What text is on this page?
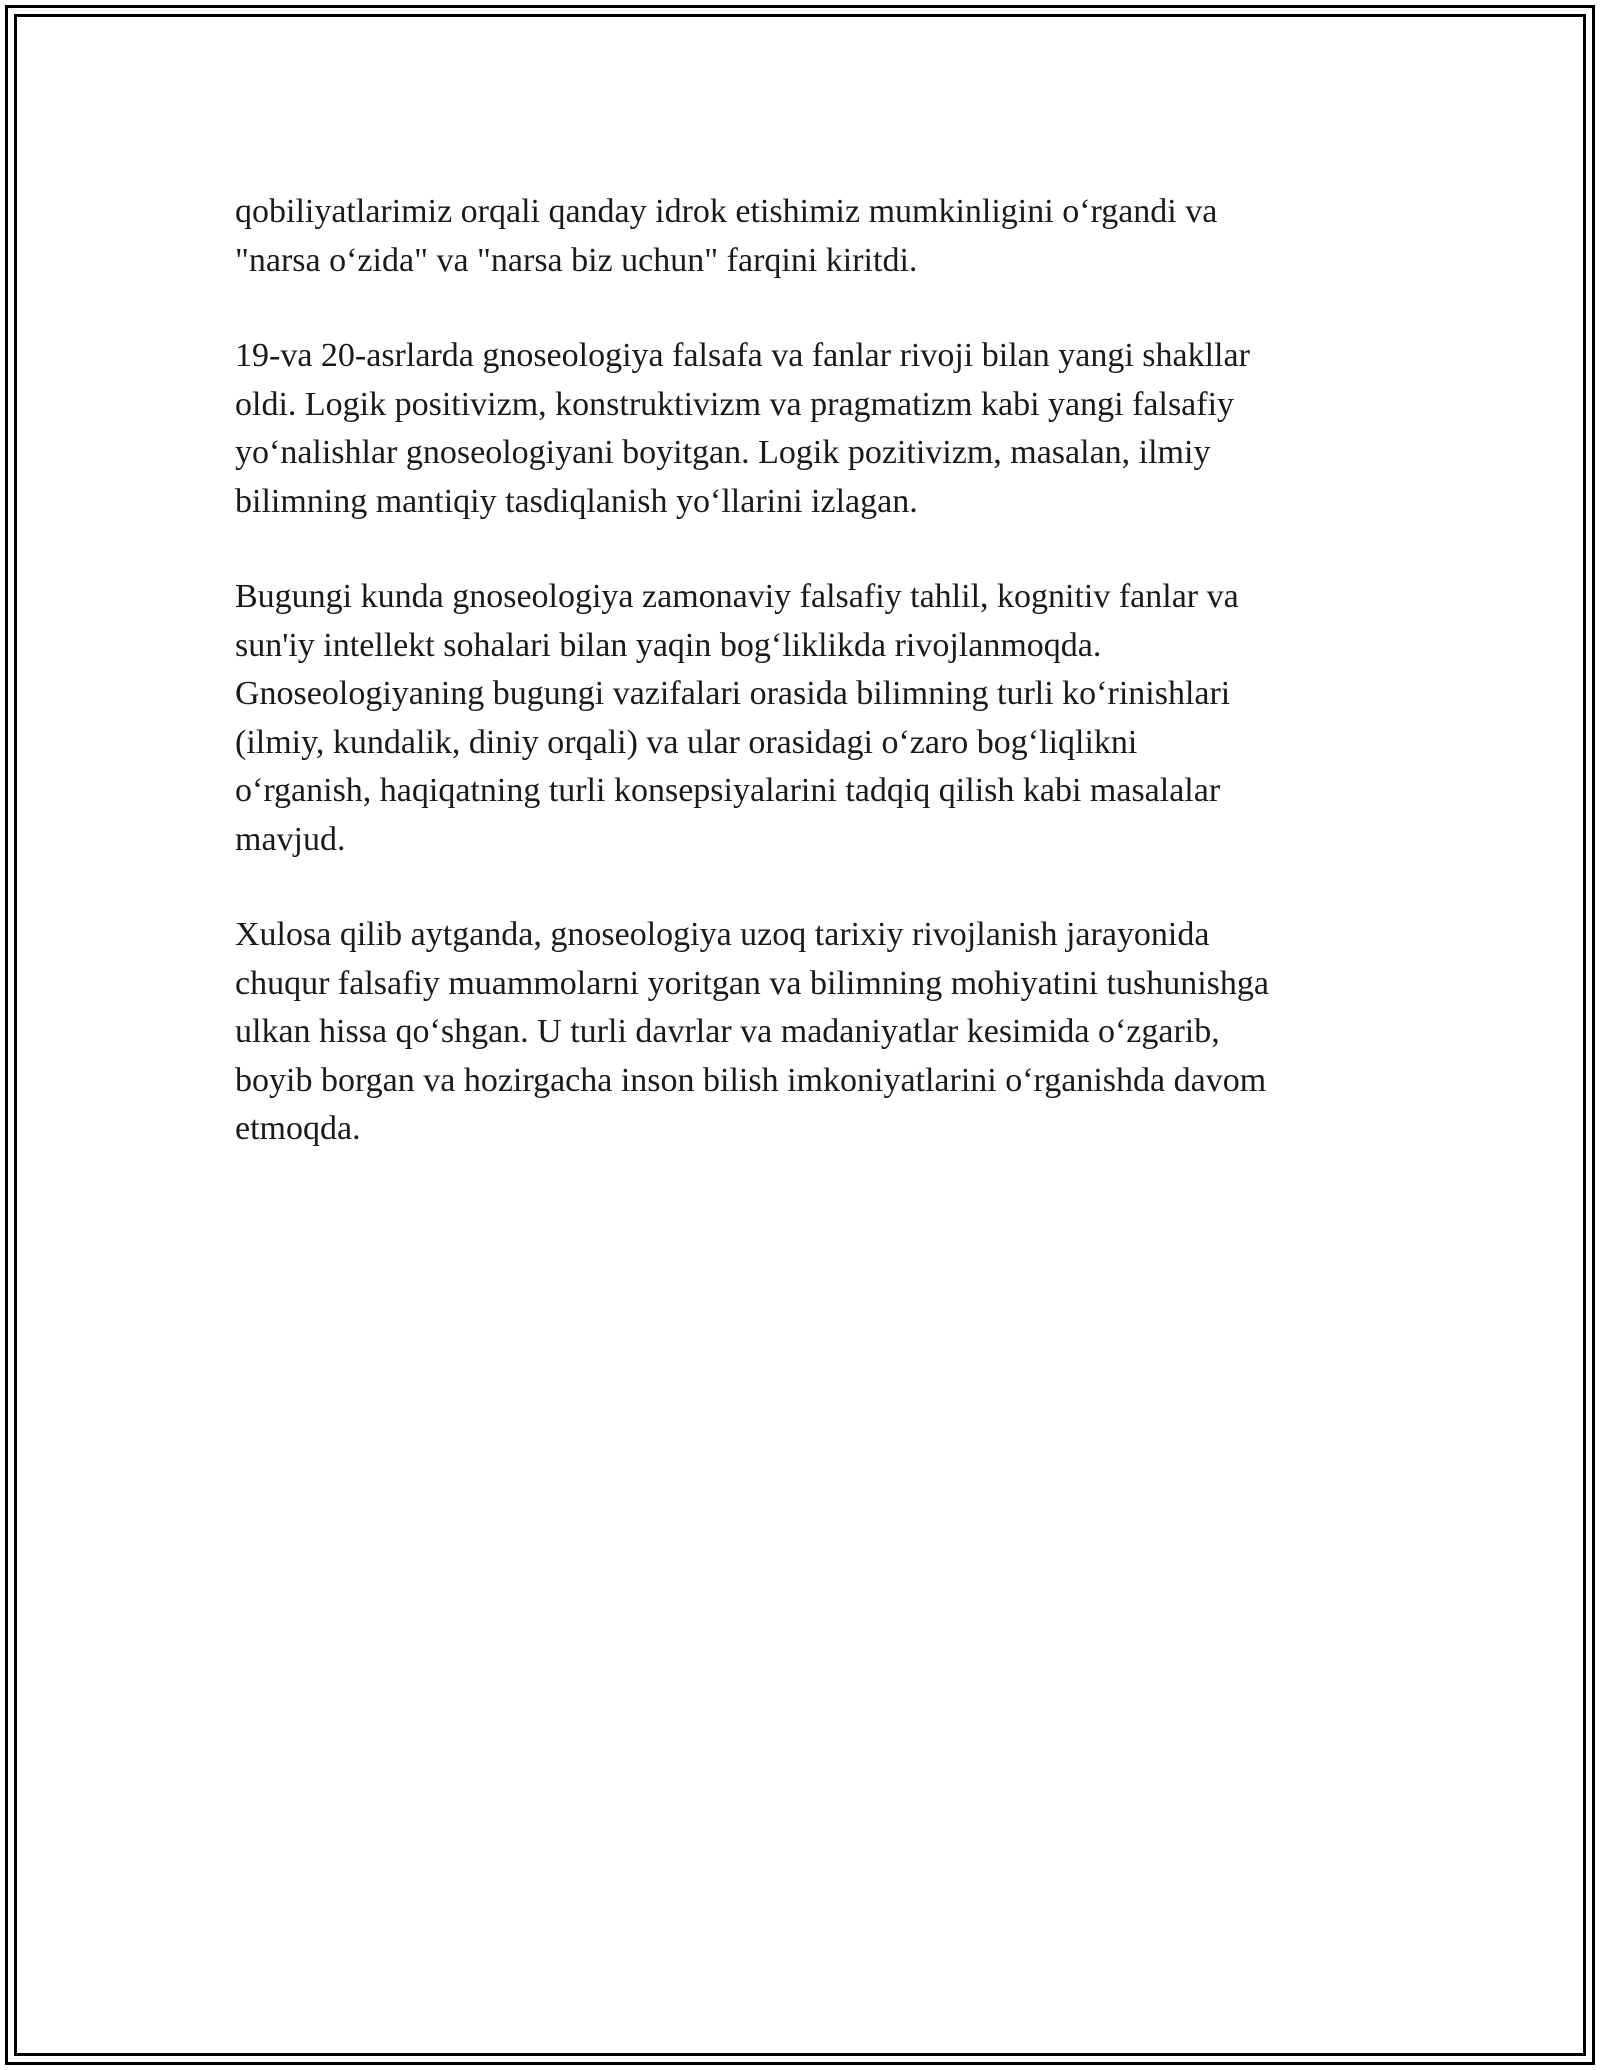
qobiliyatlarimiz orqali qanday idrok etishimiz mumkinligini o‘rgandi va
"narsa o‘zida" va "narsa biz uchun" farqini kiritdi.

19-va 20-asrlarda gnoseologiya falsafa va fanlar rivoji bilan yangi shakllar
oldi. Logik positivizm, konstruktivizm va pragmatizm kabi yangi falsafiy
yo‘nalishlar gnoseologiyani boyitgan. Logik pozitivizm, masalan, ilmiy
bilimning mantiqiy tasdiqlanish yo‘llarini izlagan.

Bugungi kunda gnoseologiya zamonaviy falsafiy tahlil, kognitiv fanlar va
sun'iy intellekt sohalari bilan yaqin bog‘liklikda rivojlanmoqda.
Gnoseologiyaning bugungi vazifalari orasida bilimning turli ko‘rinishlari
(ilmiy, kundalik, diniy orqali) va ular orasidagi o‘zaro bog‘liqlikni
o‘rganish, haqiqatning turli konsepsiyalarini tadqiq qilish kabi masalalar
mavjud.

Xulosa qilib aytganda, gnoseologiya uzoq tarixiy rivojlanish jarayonida
chuqur falsafiy muammolarni yoritgan va bilimning mohiyatini tushunishga
ulkan hissa qo‘shgan. U turli davrlar va madaniyatlar kesimida o‘zgarib,
boyib borgan va hozirgacha inson bilish imkoniyatlarini o‘rganishda davom
etmoqda.
